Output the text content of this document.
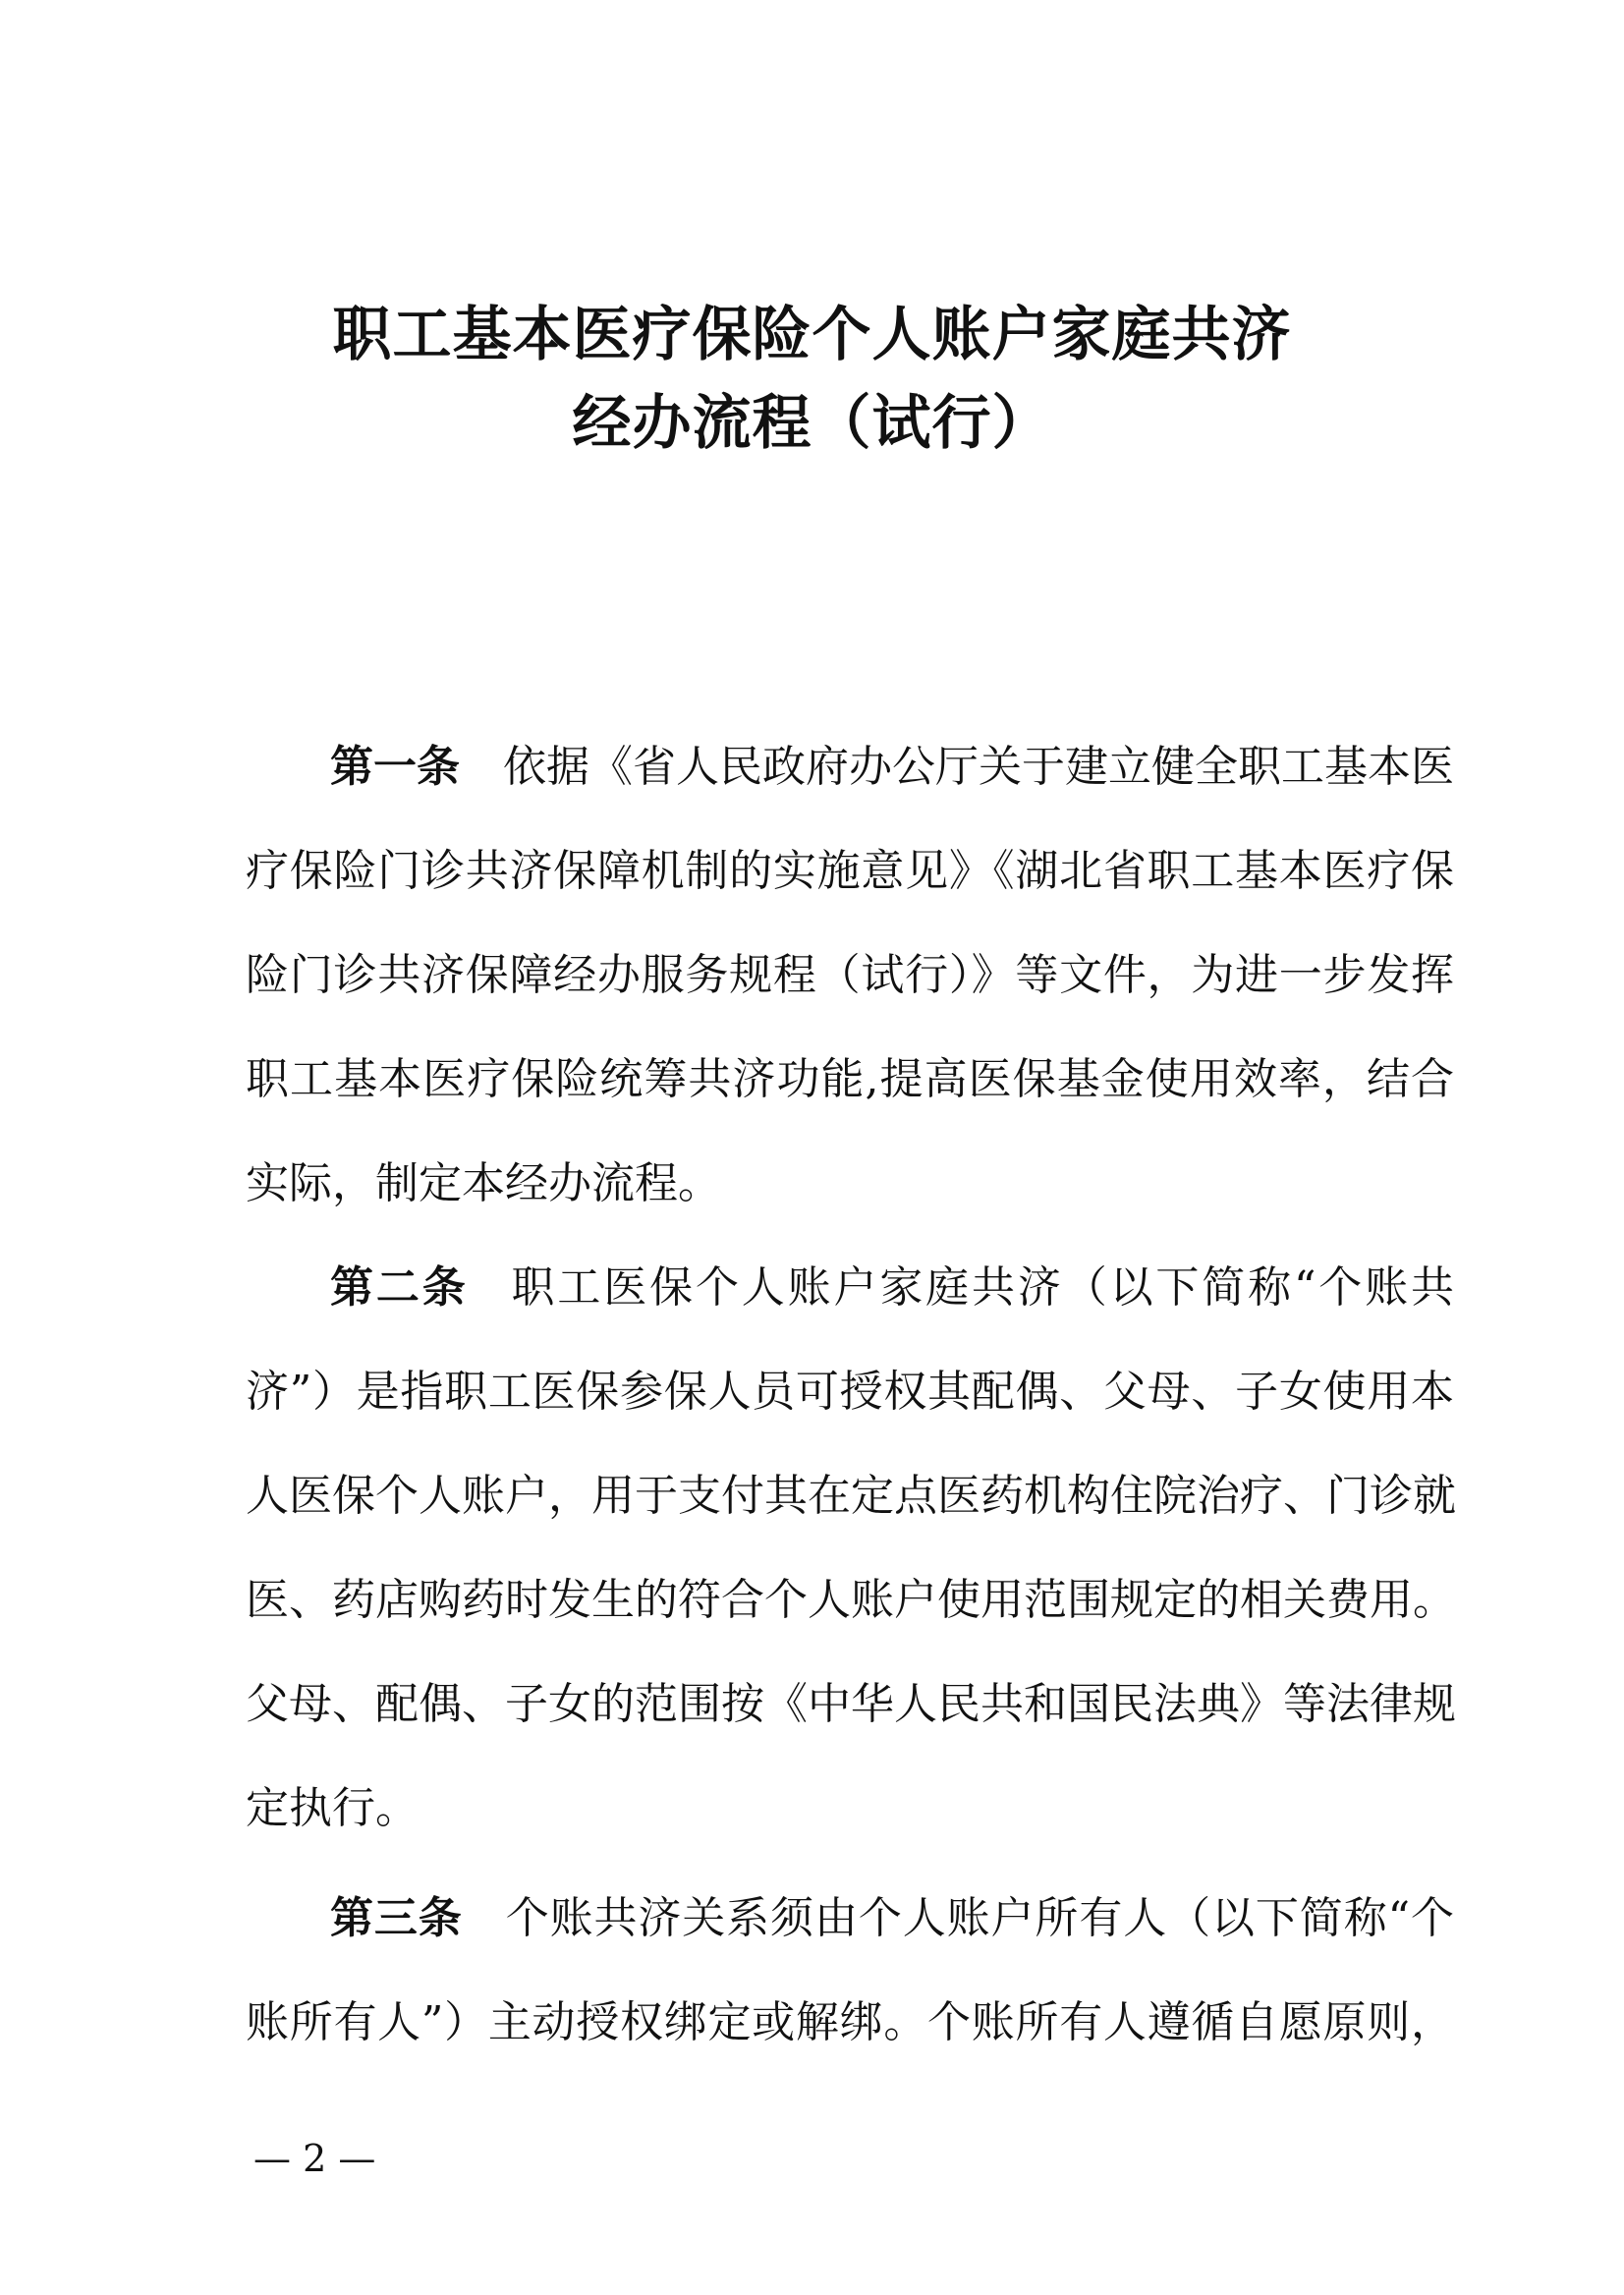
职工基本医疗保险个人账户家庭共济
经办流程（试行）
第一条 依据《省人民政府办公厅关于建立健全职工基本医
疗保险门诊共济保障机制的实施意见》《湖北省职工基本医疗保
险门诊共济保障经办服务规程（试行）》等文件，为进一步发挥
职工基本医疗保险统筹共济功能,提高医保基金使用效率，结合
实际，制定本经办流程。
第二条 职工医保个人账户家庭共济（以下简称“个账共
济”）是指职工医保参保人员可授权其配偶、父母、子女使用本
人医保个人账户，用于支付其在定点医药机构住院治疗、门诊就
医、药店购药时发生的符合个人账户使用范围规定的相关费用。
父母、配偶、子女的范围按《中华人民共和国民法典》等法律规
定执行。
第三条 个账共济关系须由个人账户所有人（以下简称“个
账所有人”）主动授权绑定或解绑。个账所有人遵循自愿原则，
— 2 —
